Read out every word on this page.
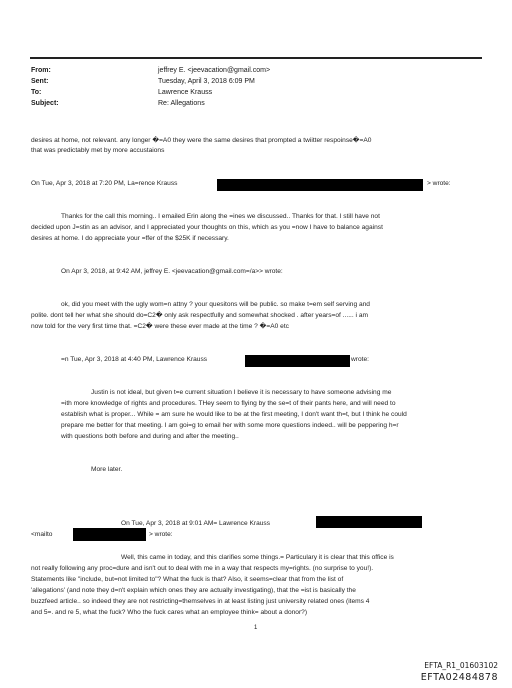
From:	jeffrey E. <jeevacation@gmail.com>
Sent:	Tuesday, April 3, 2018 6:09 PM
To:	Lawrence Krauss
Subject:	Re: Allegations
desires at home, not relevant. any longer �=A0 they were the same desires that prompted a twiitter respoinse�=A0
that was predictably met by more accustaions
On Tue, Apr 3, 2018 at 7:20 PM, La=rence Krauss	> wrote:
Thanks for the call this morning.. I emailed Erin along the =ines we discussed.. Thanks for that. I still have not
decided upon J=stin as an advisor, and I appreciated your thoughts on this, which as you =now I have to balance against
desires at home. I do appreciate your =ffer of the $25K if necessary.
On Apr 3, 2018, at 9:42 AM, jeffrey E. <jeevacation@gmail.com=/a>> wrote:
ok, did you meet with the ugly wom=n attny ? your quesitons will be public. so make t=em self serving and
polite. dont tell her what she should do=C2� only ask respectfully and somewhat shocked . after years=of ...... i am
now told for the very first time that. =C2� were these ever made at the time ? �=A0 etc
=n Tue, Apr 3, 2018 at 4:40 PM, Lawrence Krauss	wrote:
Justin is not ideal, but given t=e current situation I believe it is necessary to have someone advising me
=ith more knowledge of rights and procedures. THey seem to flying by the se=t of their pants here, and will need to
establish what is proper... While = am sure he would like to be at the first meeting, I don't want th=t, but I think he could
prepare me better for that meeting. I am goi=g to email her with some more questions indeed.. will be peppering h=r
with questions both before and during and after the meeting..
More later.
On Tue, Apr 3, 2018 at 9:01 AM= Lawrence Krauss
<mailto	> wrote:
Well, this came in today, and this clarifies some things.= Particulary it is clear that this office is
not really following any proc=dure and isn't out to deal with me in a way that respects my=rights. (no surprise to you!).
Statements like "include, but=not limited to"? What the fuck is that? Also, it seems=clear that from the list of
'allegations' (and note they d=n't explain which ones they are actually investigating), that the =ist is basically the
buzzfeed article.. so indeed they are not restricting=themselves in at least listing just university related ones (items 4
and 5=. and re 5, what the fuck? Who the fuck cares what an employee think= about a donor?)
1
EFTA_R1_01603102
EFTA02484878
